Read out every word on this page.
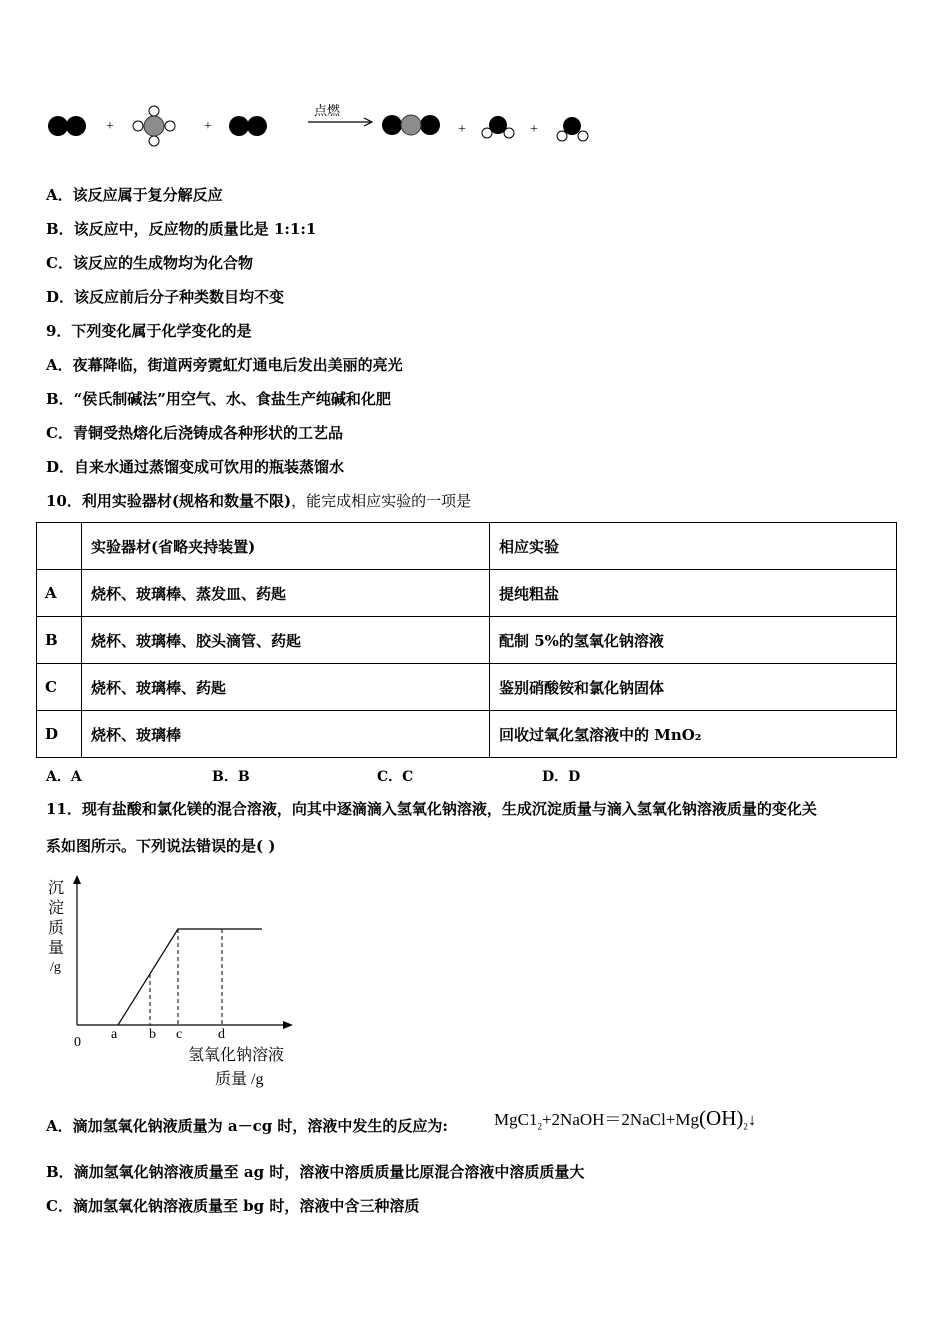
+	+
点燃
+	+
A．该反应属于复分解反应
B．该反应中，反应物的质量比是 1:1:1
C．该反应的生成物均为化合物
D．该反应前后分子种类数目均不变
9．下列变化属于化学变化的是
A．夜幕降临，街道两旁霓虹灯通电后发出美丽的亮光
B．“侯氏制碱法”用空气、水、食盐生产纯碱和化肥
C．青铜受热熔化后浇铸成各种形状的工艺品
D．自来水通过蒸馏变成可饮用的瓶装蒸馏水
10．利用实验器材(规格和数量不限)，能完成相应实验的一项是
	实验器材(省略夹持装置)	相应实验
A	烧杯、玻璃棒、蒸发皿、药匙	提纯粗盐
B	烧杯、玻璃棒、胶头滴管、药匙	配制 5%的氢氧化钠溶液
C	烧杯、玻璃棒、药匙	鉴别硝酸铵和氯化钠固体
D	烧杯、玻璃棒	回收过氧化氢溶液中的 MnO₂
A．A	B．B	C．C	D．D
11．现有盐酸和氯化镁的混合溶液，向其中逐滴滴入氢氧化钠溶液，生成沉淀质量与滴入氢氧化钠溶液质量的变化关
系如图所示。下列说法错误的是( )
沉
淀
质
量
/g
0
a b c	d
氢氧化钠溶液
质量 /g
A．滴加氢氧化钠液质量为 a－cg 时，溶液中发生的反应为:	$MgC1_2+2NaOH=2NaCl+Mg(OH)_2↓$
B．滴加氢氧化钠溶液质量至 ag 时，溶液中溶质质量比原混合溶液中溶质质量大
C．滴加氢氧化钠溶液质量至 bg 时，溶液中含三种溶质
